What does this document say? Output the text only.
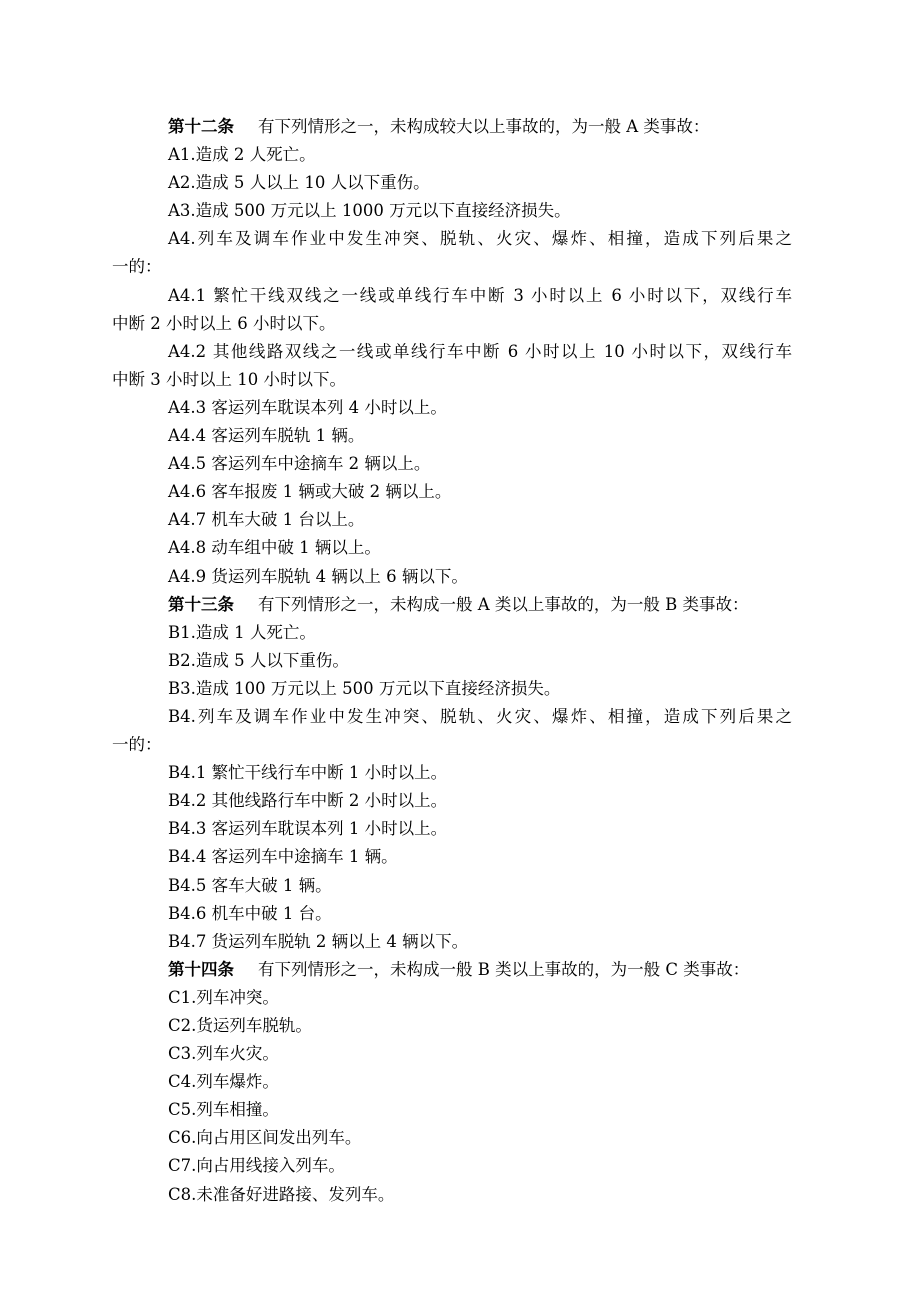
第十二条 有下列情形之一，未构成较大以上事故的，为一般 A 类事故：
A1.造成 2 人死亡。
A2.造成 5 人以上 10 人以下重伤。
A3.造成 500 万元以上 1000 万元以下直接经济损失。
A4.列车及调车作业中发生冲突、脱轨、火灾、爆炸、相撞，造成下列后果之
一的：
A4.1 繁忙干线双线之一线或单线行车中断 3 小时以上 6 小时以下，双线行车
中断 2 小时以上 6 小时以下。
A4.2 其他线路双线之一线或单线行车中断 6 小时以上 10 小时以下，双线行车
中断 3 小时以上 10 小时以下。
A4.3 客运列车耽误本列 4 小时以上。
A4.4 客运列车脱轨 1 辆。
A4.5 客运列车中途摘车 2 辆以上。
A4.6 客车报废 1 辆或大破 2 辆以上。
A4.7 机车大破 1 台以上。
A4.8 动车组中破 1 辆以上。
A4.9 货运列车脱轨 4 辆以上 6 辆以下。
第十三条 有下列情形之一，未构成一般 A 类以上事故的，为一般 B 类事故：
B1.造成 1 人死亡。
B2.造成 5 人以下重伤。
B3.造成 100 万元以上 500 万元以下直接经济损失。
B4.列车及调车作业中发生冲突、脱轨、火灾、爆炸、相撞，造成下列后果之
一的：
B4.1 繁忙干线行车中断 1 小时以上。
B4.2 其他线路行车中断 2 小时以上。
B4.3 客运列车耽误本列 1 小时以上。
B4.4 客运列车中途摘车 1 辆。
B4.5 客车大破 1 辆。
B4.6 机车中破 1 台。
B4.7 货运列车脱轨 2 辆以上 4 辆以下。
第十四条 有下列情形之一，未构成一般 B 类以上事故的，为一般 C 类事故：
C1.列车冲突。
C2.货运列车脱轨。
C3.列车火灾。
C4.列车爆炸。
C5.列车相撞。
C6.向占用区间发出列车。
C7.向占用线接入列车。
C8.未准备好进路接、发列车。
